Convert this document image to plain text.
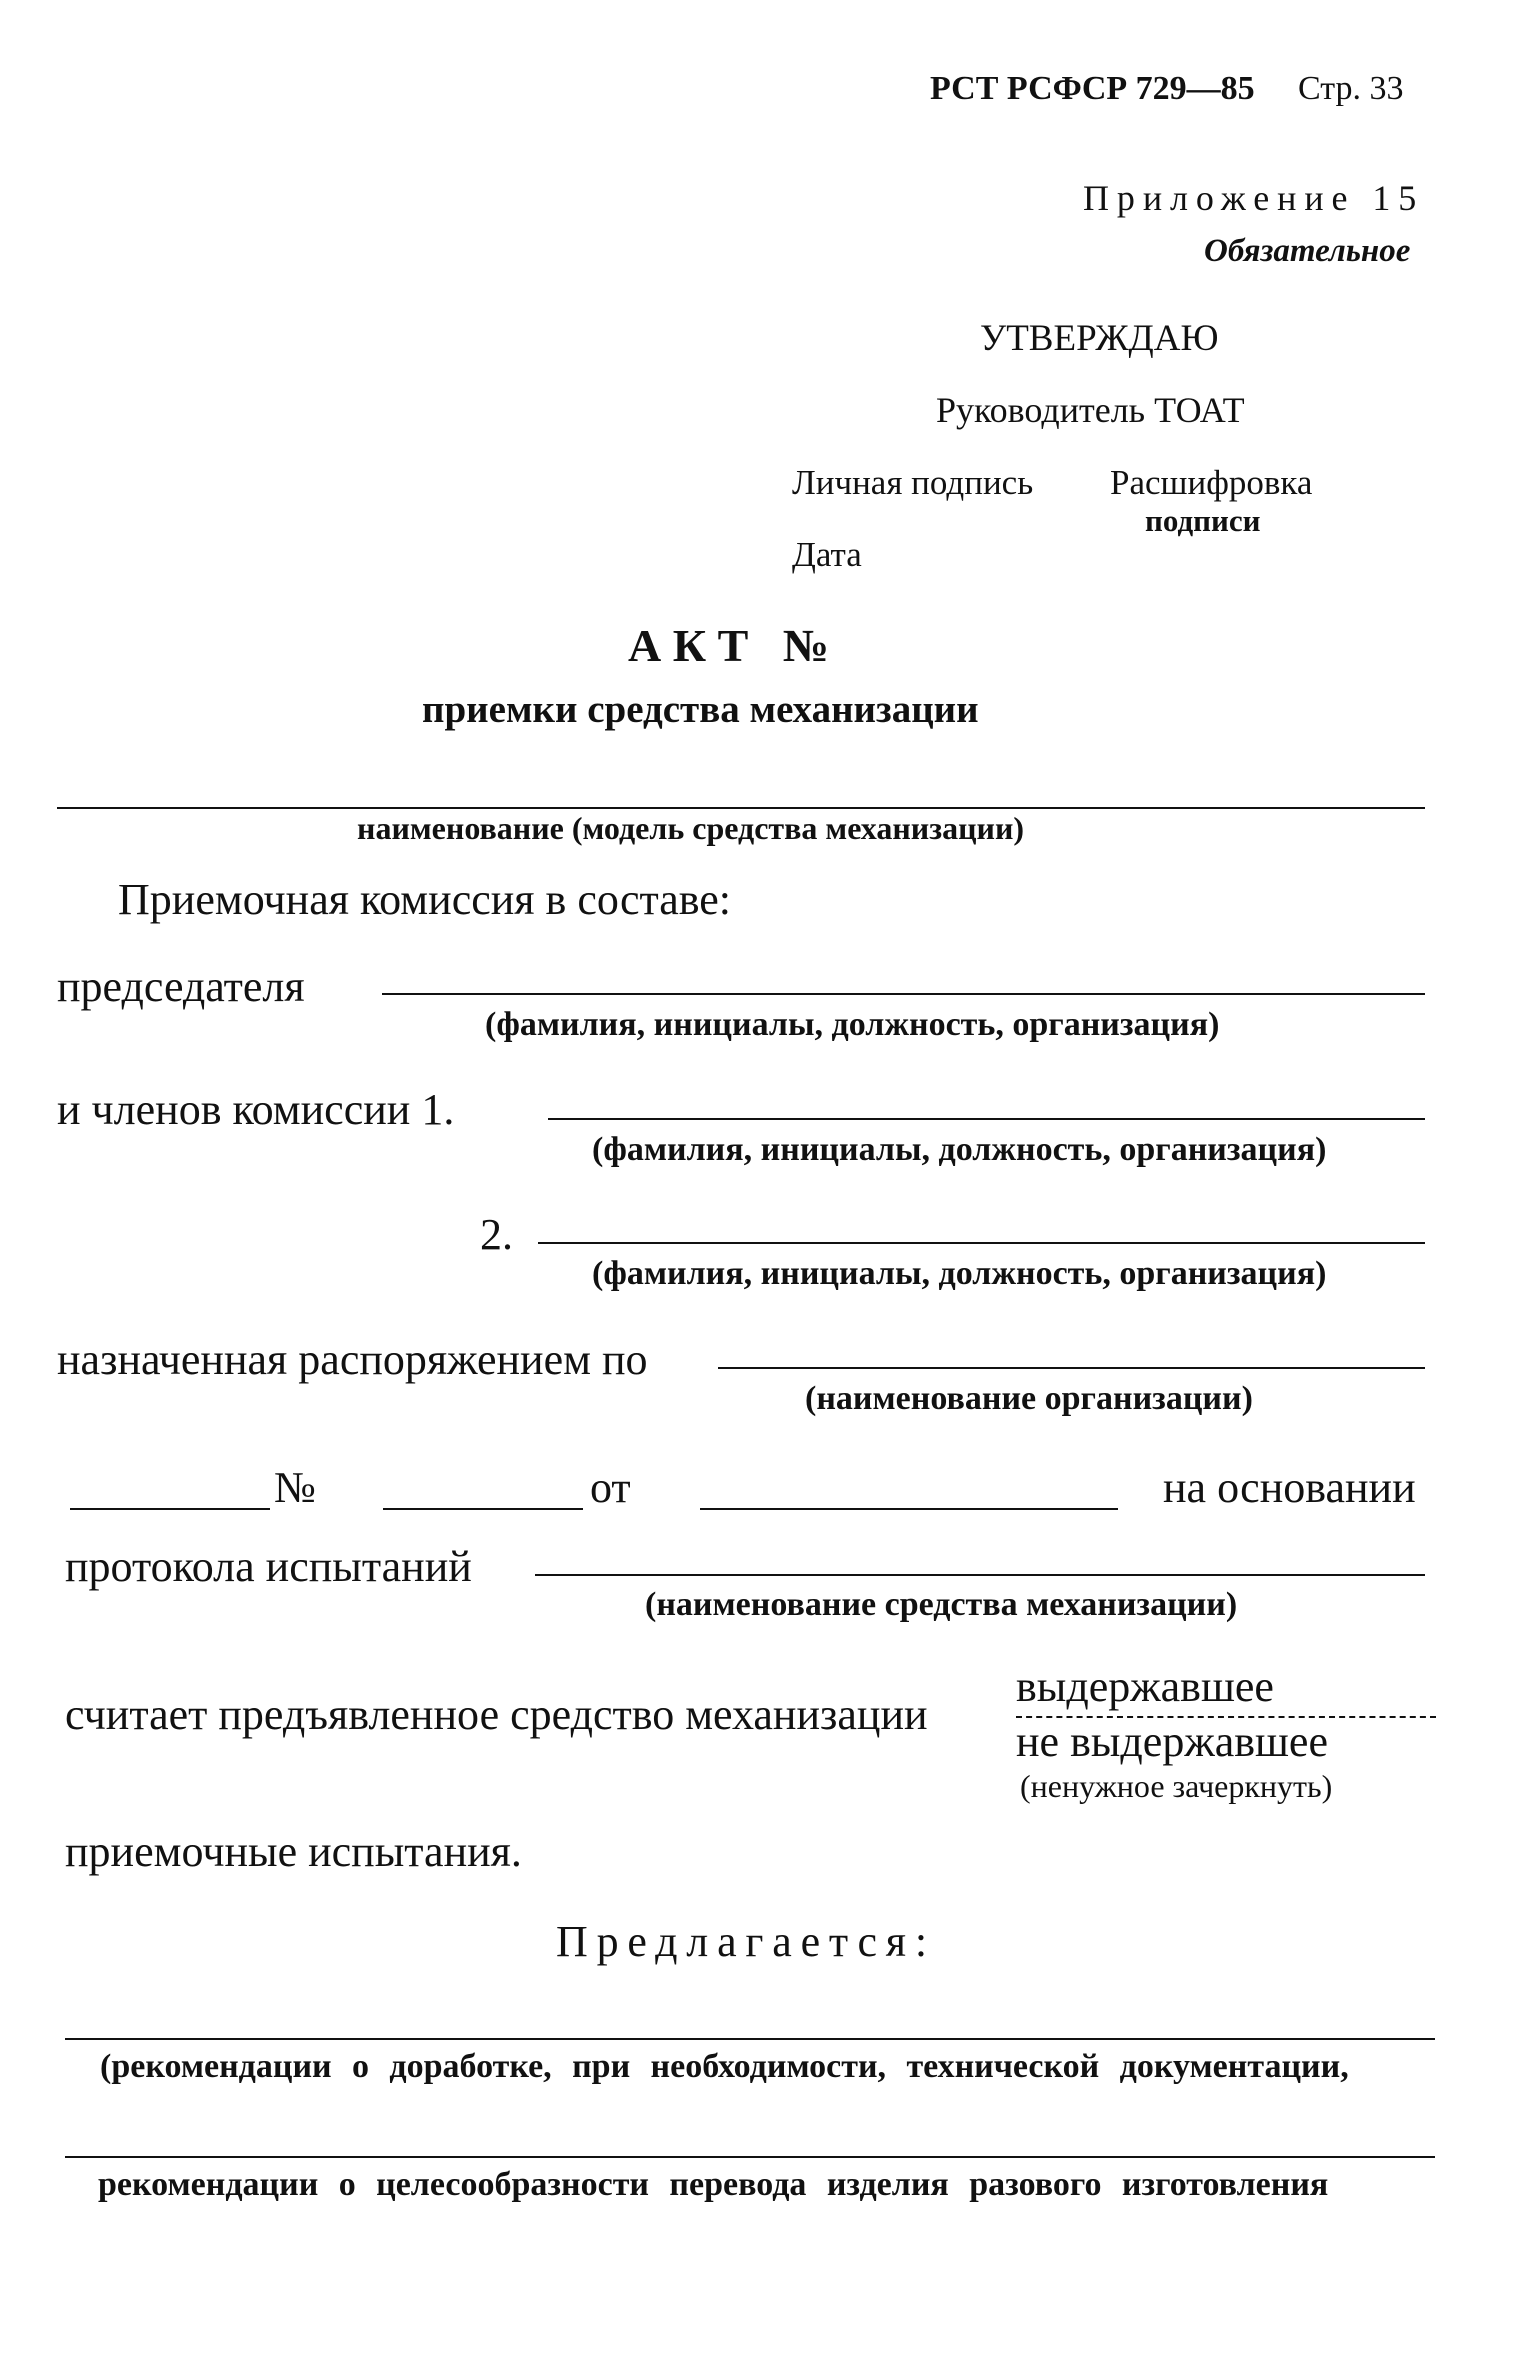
РСТ РСФСР 729—85 Стр. 33
Приложение 15
Обязательное
УТВЕРЖДАЮ
Руководитель ТОАТ
Личная подпись Расшифровка
подписи
Дата
АКТ №
приемки средства механизации
наименование (модель средства механизации)
Приемочная комиссия в составе:
председателя
(фамилия, инициалы, должность, организация)
и членов комиссии 1.
(фамилия, инициалы, должность, организация)
2.
(фамилия, инициалы, должность, организация)
назначенная распоряжением по
(наименование организации)
№	от	на основании
протокола испытаний
(наименование средства механизации)
считает предъявленное средство механизации
выдержавшее
не выдержавшее
(ненужное зачеркнуть)
приемочные испытания.
Предлагается:
(рекомендации о доработке, при необходимости, технической документации,
рекомендации о целесообразности перевода изделия разового изготовления
